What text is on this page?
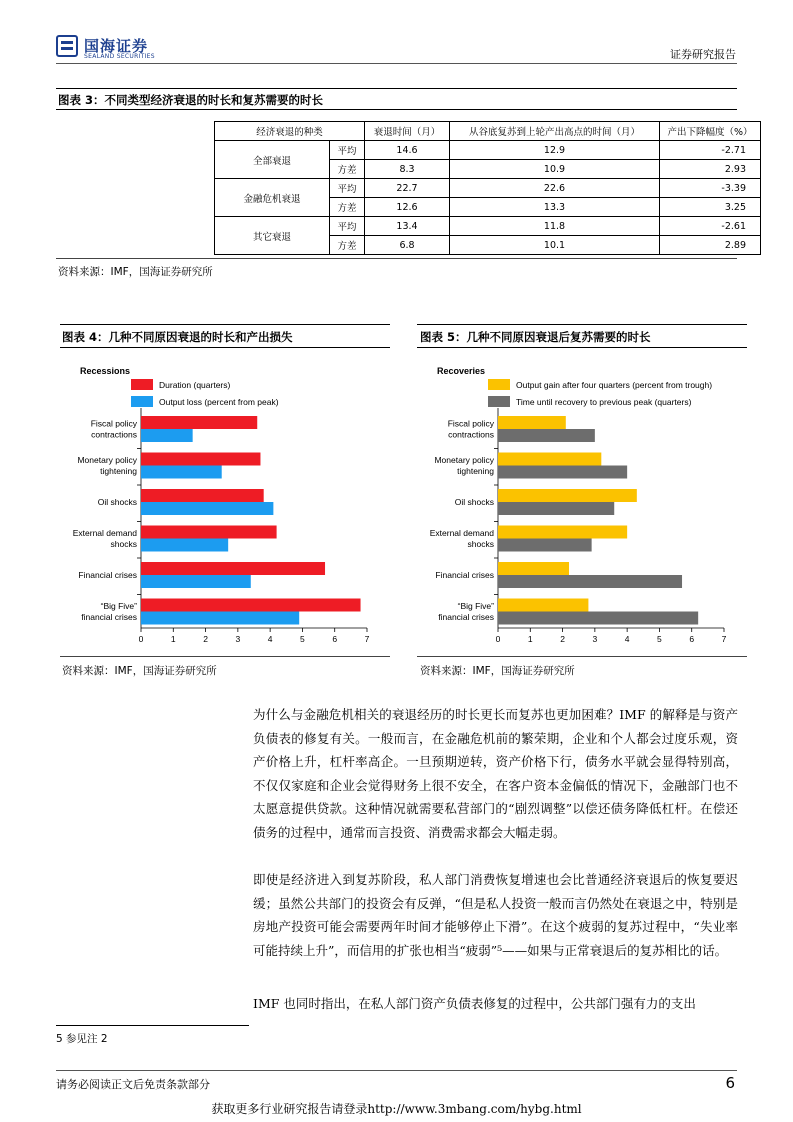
国海证券
SEALAND SECURITIES	证券研究报告
图表 3：不同类型经济衰退的时长和复苏需要的时长
经济衰退的种类		衰退时间（月）	从谷底复苏到上轮产出高点的时间（月）	产出下降幅度（%）
全部衰退	平均	14.6	12.9	-2.71
	方差	8.3	10.9	2.93
金融危机衰退	平均	22.7	22.6	-3.39
	方差	12.6	13.3	3.25
其它衰退	平均	13.4	11.8	-2.61
	方差	6.8	10.1	2.89
资料来源：IMF，国海证券研究所
图表 4：几种不同原因衰退的时长和产出损失	图表 5：几种不同原因衰退后复苏需要的时长
Recessions
Duration (quarters)
Output loss (percent from peak)
0	1	2	3	4	5	6	7
Fiscal policy
contractions
Monetary policy
tightening
Oil shocks
External demand
shocks
Financial crises
“Big Five”
financial crises
Recoveries
Output gain after four quarters (percent from trough)
Time until recovery to previous peak (quarters)
0	1	2	3	4	5	6	7
Fiscal policy
contractions
Monetary policy
tightening
Oil shocks
External demand
shocks
Financial crises
“Big Five”
financial crises
资料来源：IMF，国海证券研究所	资料来源：IMF，国海证券研究所
为什么与金融危机相关的衰退经历的时长更长而复苏也更加困难？IMF 的解释是与资产负债表的修复有关。一般而言，在金融危机前的繁荣期，企业和个人都会过度乐观，资产价格上升，杠杆率高企。一旦预期逆转，资产价格下行，债务水平就会显得特别高，不仅仅家庭和企业会觉得财务上很不安全，在客户资本金偏低的情况下，金融部门也不太愿意提供贷款。这种情况就需要私营部门的“剧烈调整”以偿还债务降低杠杆。在偿还债务的过程中，通常而言投资、消费需求都会大幅走弱。
即使是经济进入到复苏阶段，私人部门消费恢复增速也会比普通经济衰退后的恢复要迟缓；虽然公共部门的投资会有反弹，“但是私人投资一般而言仍然处在衰退之中，特别是房地产投资可能会需要两年时间才能够停止下滑”。在这个疲弱的复苏过程中，“失业率可能持续上升”，而信用的扩张也相当“疲弱”⁵——如果与正常衰退后的复苏相比的话。
IMF 也同时指出，在私人部门资产负债表修复的过程中，公共部门强有力的支出
5 参见注 2
请务必阅读正文后免责条款部分	6
获取更多行业研究报告请登录http://www.3mbang.com/hybg.html
